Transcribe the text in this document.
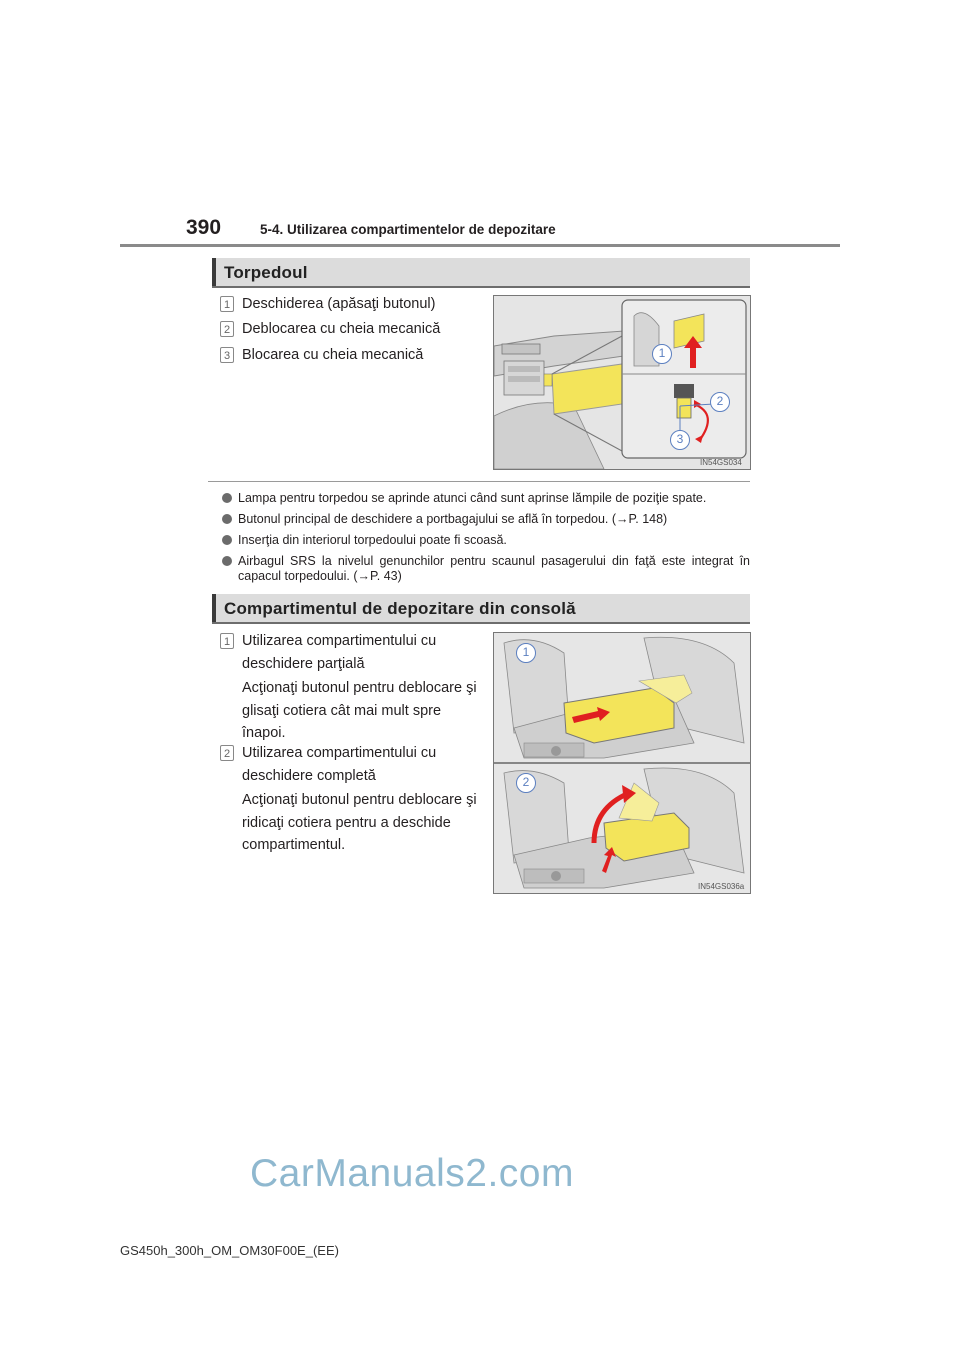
390	5-4. Utilizarea compartimentelor de depozitare
Torpedoul
1 Deschiderea (apăsaţi butonul)
2 Deblocarea cu cheia mecanică
3 Blocarea cu cheia mecanică	1
2
3
IN54GS034
Lampa pentru torpedou se aprinde atunci când sunt aprinse lămpile de poziţie spate.
Butonul principal de deschidere a portbagajului se află în torpedou. (→P. 148)
Inserţia din interiorul torpedoului poate fi scoasă.
Airbagul SRS la nivelul genunchilor pentru scaunul pasagerului din faţă este integrat în capacul torpedoului. (→P. 43)
Compartimentul de depozitare din consolă
1 Utilizarea compartimentului cu
deschidere parţială
Acţionaţi butonul pentru deblocare şi glisaţi cotiera cât mai mult spre înapoi.
2 Utilizarea compartimentului cu
deschidere completă
Acţionaţi butonul pentru deblocare şi ridicaţi cotiera pentru a deschide compartimentul.
1
2
IN54GS036a
CarManuals2.com
GS450h_300h_OM_OM30F00E_(EE)
